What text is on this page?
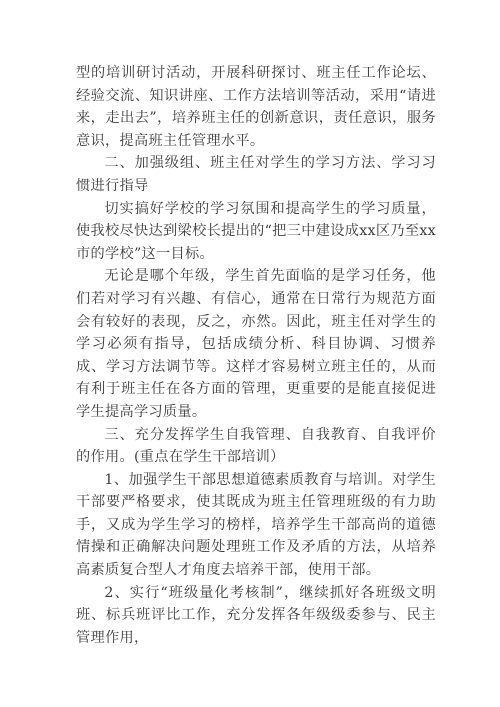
型的培训研讨活动，开展科研探讨、班主任工作论坛、经验交流、知识讲座、工作方法培训等活动，采用“请进来，走出去”，培养班主任的创新意识，责任意识，服务意识，提高班主任管理水平。

二、加强级组、班主任对学生的学习方法、学习习惯进行指导

切实搞好学校的学习氛围和提高学生的学习质量，使我校尽快达到梁校长提出的“把三中建设成xx区乃至xx市的学校”这一目标。

无论是哪个年级，学生首先面临的是学习任务，他们若对学习有兴趣、有信心，通常在日常行为规范方面会有较好的表现，反之，亦然。因此，班主任对学生的学习必须有指导，包括成绩分析、科目协调、习惯养成、学习方法调节等。这样才容易树立班主任的，从而有利于班主任在各方面的管理，更重要的是能直接促进学生提高学习质量。

三、充分发挥学生自我管理、自我教育、自我评价的作用。(重点在学生干部培训）

1、加强学生干部思想道德素质教育与培训。对学生干部要严格要求，使其既成为班主任管理班级的有力助手，又成为学生学习的榜样，培养学生干部高尚的道德情操和正确解决问题处理班工作及矛盾的方法，从培养高素质复合型人才角度去培养干部，使用干部。

2、实行“班级量化考核制”，继续抓好各班级文明班、标兵班评比工作，充分发挥各年级级委参与、民主管理作用，
